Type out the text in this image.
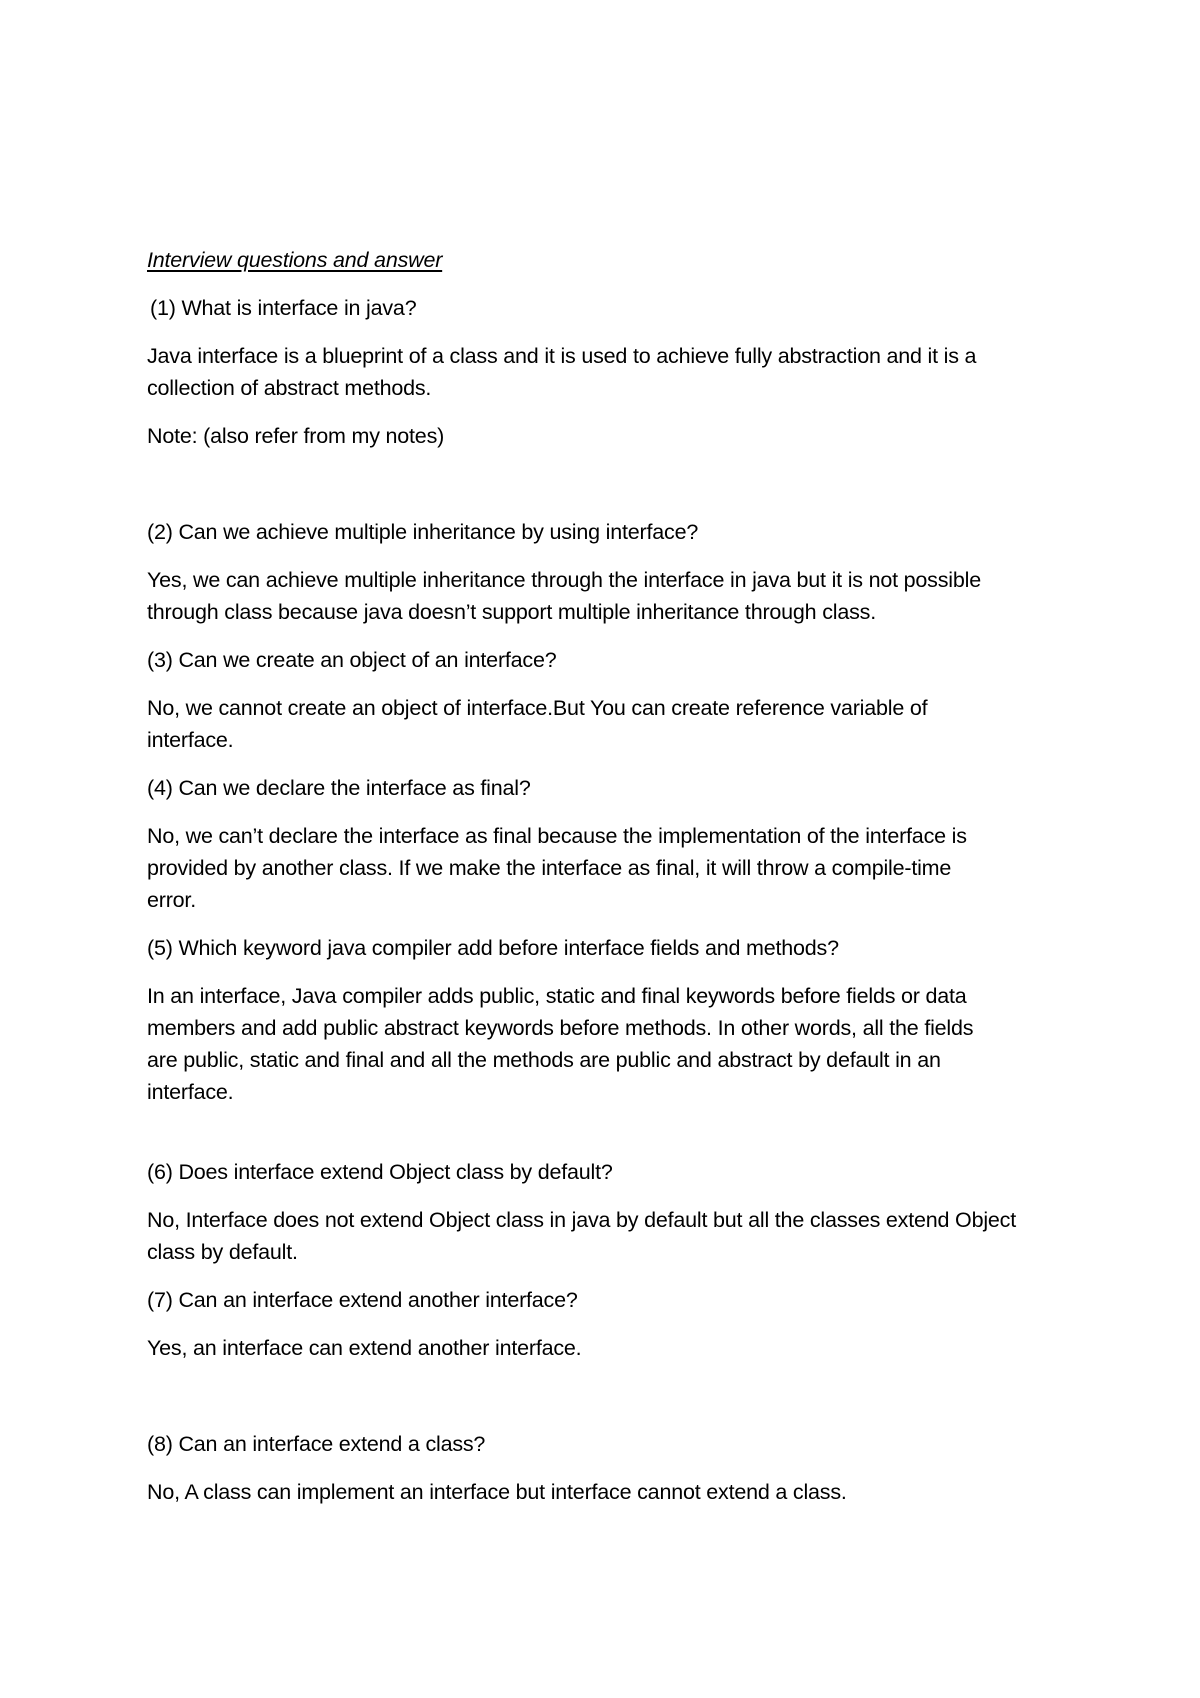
Interview questions and answer

(1) What is interface in java?

Java interface is a blueprint of a class and it is used to achieve fully abstraction and it is a

collection of abstract methods.

Note: (also refer from my notes)

(2) Can we achieve multiple inheritance by using interface?

Yes, we can achieve multiple inheritance through the interface in java but it is not possible

through class because java doesn’t support multiple inheritance through class.

(3) Can we create an object of an interface?

No, we cannot create an object of interface.But You can create reference variable of

interface.

(4) Can we declare the interface as final?

No, we can’t declare the interface as final because the implementation of the interface is

provided by another class. If we make the interface as final, it will throw a compile-time

error.

(5) Which keyword java compiler add before interface fields and methods?

In an interface, Java compiler adds public, static and final keywords before fields or data

members and add public abstract keywords before methods. In other words, all the fields

are public, static and final and all the methods are public and abstract by default in an

interface.

(6) Does interface extend Object class by default?

No, Interface does not extend Object class in java by default but all the classes extend Object

class by default.

(7) Can an interface extend another interface?

Yes, an interface can extend another interface.

(8) Can an interface extend a class?

No, A class can implement an interface but interface cannot extend a class.
